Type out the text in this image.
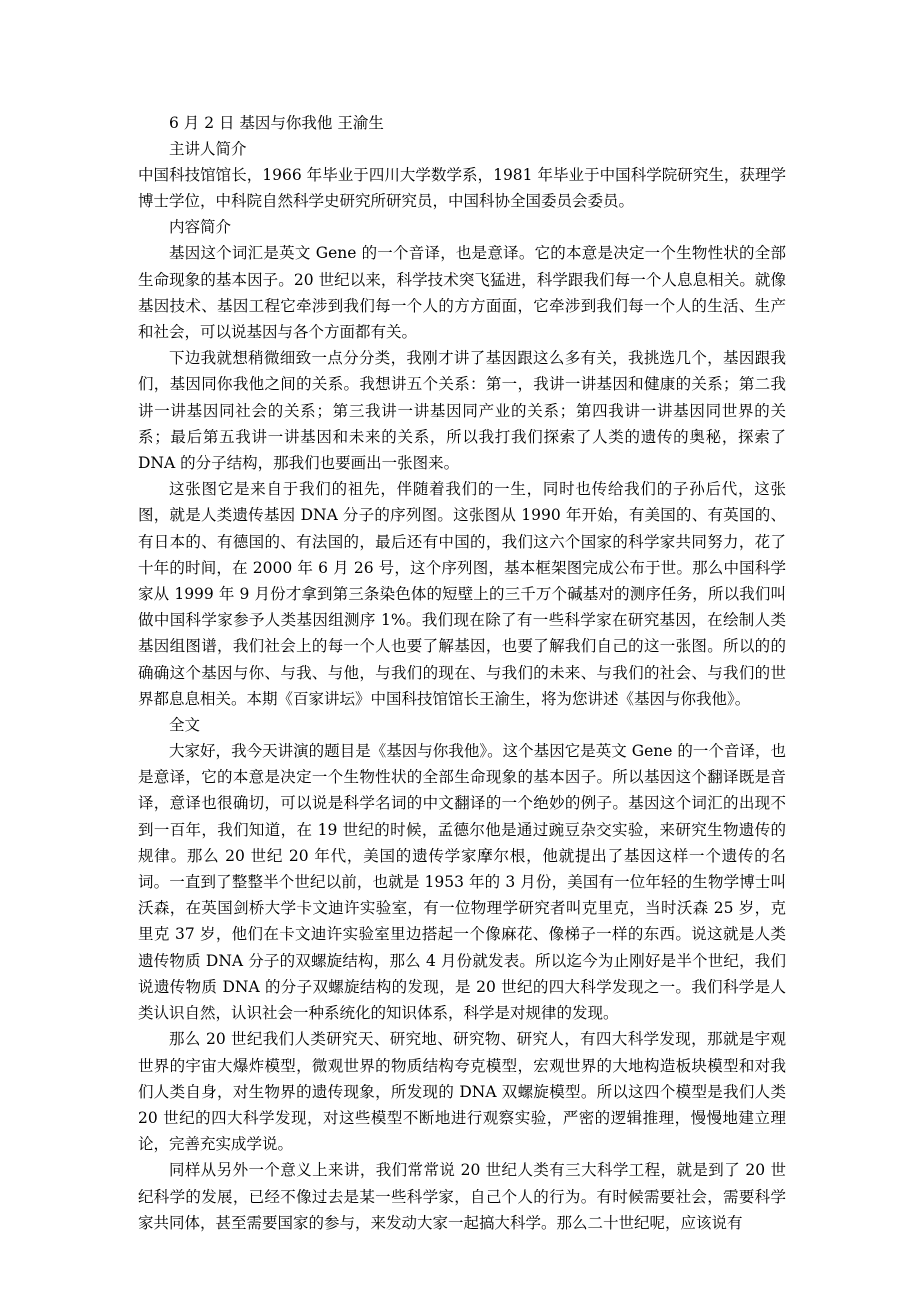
6 月 2 日 基因与你我他 王渝生

主讲人简介

中国科技馆馆长，1966 年毕业于四川大学数学系，1981 年毕业于中国科学院研究生，获理学博士学位，中科院自然科学史研究所研究员，中国科协全国委员会委员。

内容简介

基因这个词汇是英文 Gene 的一个音译，也是意译。它的本意是决定一个生物性状的全部生命现象的基本因子。20 世纪以来，科学技术突飞猛进，科学跟我们每一个人息息相关。就像基因技术、基因工程它牵涉到我们每一个人的方方面面，它牵涉到我们每一个人的生活、生产和社会，可以说基因与各个方面都有关。

下边我就想稍微细致一点分分类，我刚才讲了基因跟这么多有关，我挑选几个，基因跟我们，基因同你我他之间的关系。我想讲五个关系：第一，我讲一讲基因和健康的关系；第二我讲一讲基因同社会的关系；第三我讲一讲基因同产业的关系；第四我讲一讲基因同世界的关系；最后第五我讲一讲基因和未来的关系，所以我打我们探索了人类的遗传的奥秘，探索了 DNA 的分子结构，那我们也要画出一张图来。

这张图它是来自于我们的祖先，伴随着我们的一生，同时也传给我们的子孙后代，这张图，就是人类遗传基因 DNA 分子的序列图。这张图从 1990 年开始，有美国的、有英国的、有日本的、有德国的、有法国的，最后还有中国的，我们这六个国家的科学家共同努力，花了十年的时间，在 2000 年 6 月 26 号，这个序列图，基本框架图完成公布于世。那么中国科学家从 1999 年 9 月份才拿到第三条染色体的短壁上的三千万个碱基对的测序任务，所以我们叫做中国科学家参予人类基因组测序 1%。我们现在除了有一些科学家在研究基因，在绘制人类基因组图谱，我们社会上的每一个人也要了解基因，也要了解我们自己的这一张图。所以的的确确这个基因与你、与我、与他，与我们的现在、与我们的未来、与我们的社会、与我们的世界都息息相关。本期《百家讲坛》中国科技馆馆长王渝生，将为您讲述《基因与你我他》。

全文

大家好，我今天讲演的题目是《基因与你我他》。这个基因它是英文 Gene 的一个音译，也是意译，它的本意是决定一个生物性状的全部生命现象的基本因子。所以基因这个翻译既是音译，意译也很确切，可以说是科学名词的中文翻译的一个绝妙的例子。基因这个词汇的出现不到一百年，我们知道，在 19 世纪的时候，孟德尔他是通过豌豆杂交实验，来研究生物遗传的规律。那么 20 世纪 20 年代，美国的遗传学家摩尔根，他就提出了基因这样一个遗传的名词。一直到了整整半个世纪以前，也就是 1953 年的 3 月份，美国有一位年轻的生物学博士叫沃森，在英国剑桥大学卡文迪许实验室，有一位物理学研究者叫克里克，当时沃森 25 岁，克里克 37 岁，他们在卡文迪许实验室里边搭起一个像麻花、像梯子一样的东西。说这就是人类遗传物质 DNA 分子的双螺旋结构，那么 4 月份就发表。所以迄今为止刚好是半个世纪，我们说遗传物质 DNA 的分子双螺旋结构的发现，是 20 世纪的四大科学发现之一。我们科学是人类认识自然，认识社会一种系统化的知识体系，科学是对规律的发现。

那么 20 世纪我们人类研究天、研究地、研究物、研究人，有四大科学发现，那就是宇观世界的宇宙大爆炸模型，微观世界的物质结构夸克模型，宏观世界的大地构造板块模型和对我们人类自身，对生物界的遗传现象，所发现的 DNA 双螺旋模型。所以这四个模型是我们人类 20 世纪的四大科学发现，对这些模型不断地进行观察实验，严密的逻辑推理，慢慢地建立理论，完善充实成学说。

同样从另外一个意义上来讲，我们常常说 20 世纪人类有三大科学工程，就是到了 20 世纪科学的发展，已经不像过去是某一些科学家，自己个人的行为。有时候需要社会，需要科学家共同体，甚至需要国家的参与，来发动大家一起搞大科学。那么二十世纪呢，应该说有
